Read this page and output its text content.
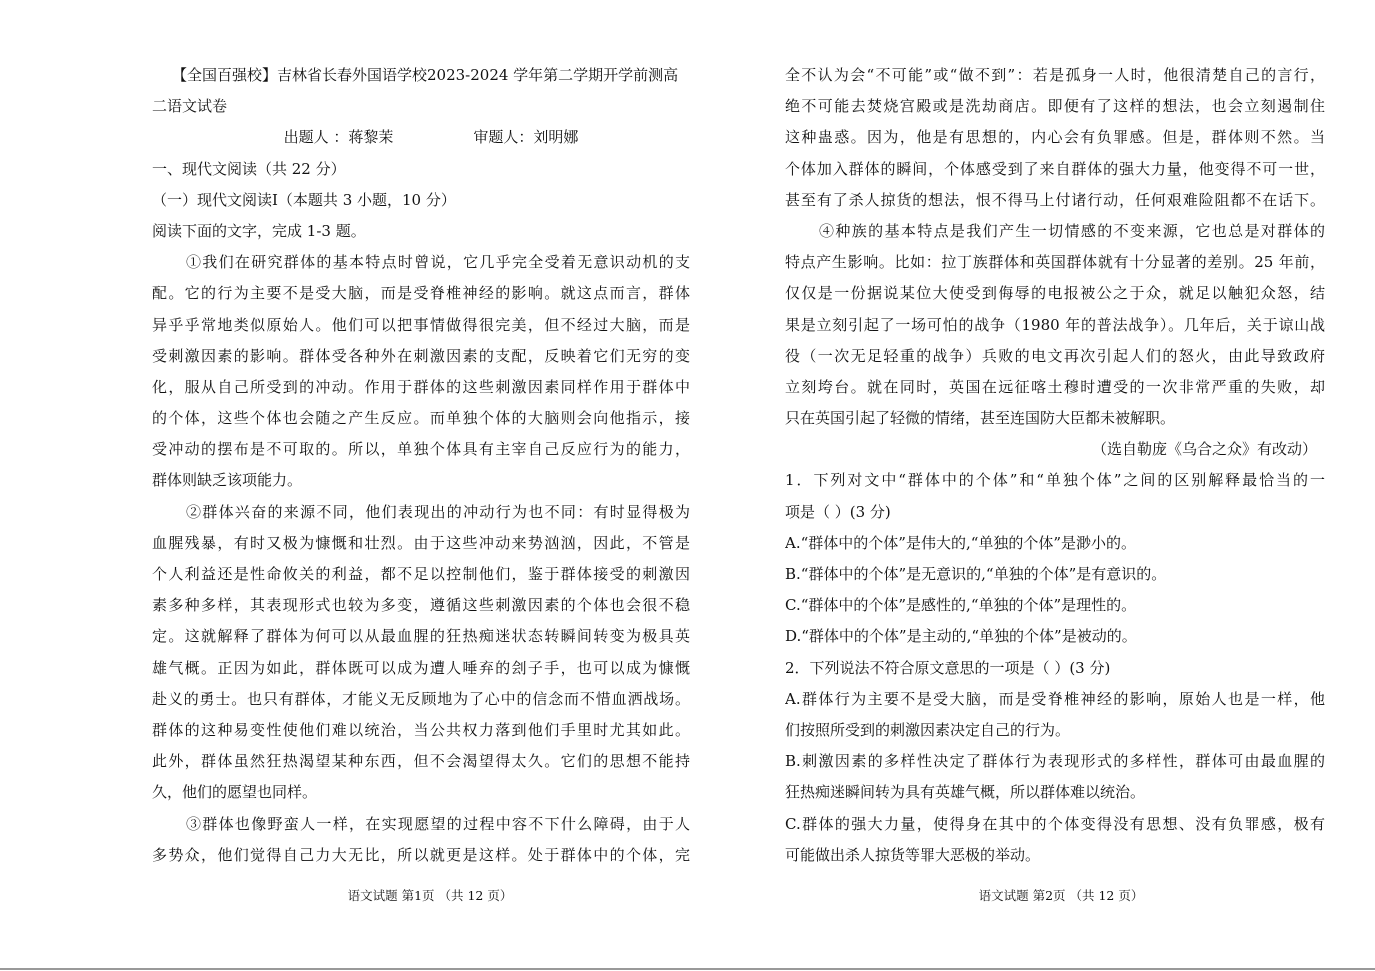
【全国百强校】吉林省长春外国语学校2023-2024 学年第二学期开学前测高
二语文试卷
出题人 ：蒋黎茉	审题人：刘明娜
一、现代文阅读（共 22 分）
（一）现代文阅读Ⅰ（本题共 3 小题，10 分）
阅读下面的文字，完成 1-3 题。
①我们在研究群体的基本特点时曾说，它几乎完全受着无意识动机的支
配。它的行为主要不是受大脑，而是受脊椎神经的影响。就这点而言，群体
异乎乎常地类似原始人。他们可以把事情做得很完美，但不经过大脑，而是
受刺激因素的影响。群体受各种外在刺激因素的支配，反映着它们无穷的变
化，服从自己所受到的冲动。作用于群体的这些刺激因素同样作用于群体中
的个体，这些个体也会随之产生反应。而单独个体的大脑则会向他指示，接
受冲动的摆布是不可取的。所以，单独个体具有主宰自己反应行为的能力，
群体则缺乏该项能力。
②群体兴奋的来源不同，他们表现出的冲动行为也不同：有时显得极为
血腥残暴，有时又极为慷慨和壮烈。由于这些冲动来势汹汹，因此，不管是
个人利益还是性命攸关的利益，都不足以控制他们，鉴于群体接受的刺激因
素多种多样，其表现形式也较为多变，遵循这些刺激因素的个体也会很不稳
定。这就解释了群体为何可以从最血腥的狂热痴迷状态转瞬间转变为极具英
雄气概。正因为如此，群体既可以成为遭人唾弃的刽子手，也可以成为慷慨
赴义的勇士。也只有群体，才能义无反顾地为了心中的信念而不惜血洒战场。
群体的这种易变性使他们难以统治，当公共权力落到他们手里时尤其如此。
此外，群体虽然狂热渴望某种东西，但不会渴望得太久。它们的思想不能持
久，他们的愿望也同样。
③群体也像野蛮人一样，在实现愿望的过程中容不下什么障碍，由于人
多势众，他们觉得自己力大无比，所以就更是这样。处于群体中的个体，完
全不认为会“不可能”或“做不到”：若是孤身一人时，他很清楚自己的言行，
绝不可能去焚烧宫殿或是洗劫商店。即便有了这样的想法，也会立刻遏制住
这种蛊惑。因为，他是有思想的，内心会有负罪感。但是，群体则不然。当
个体加入群体的瞬间，个体感受到了来自群体的强大力量，他变得不可一世，
甚至有了杀人掠货的想法，恨不得马上付诸行动，任何艰难险阻都不在话下。
④种族的基本特点是我们产生一切情感的不变来源，它也总是对群体的
特点产生影响。比如：拉丁族群体和英国群体就有十分显著的差别。25 年前，
仅仅是一份据说某位大使受到侮辱的电报被公之于众，就足以触犯众怒，结
果是立刻引起了一场可怕的战争（1980 年的普法战争）。几年后，关于谅山战
役（一次无足轻重的战争）兵败的电文再次引起人们的怒火，由此导致政府
立刻垮台。就在同时，英国在远征喀土穆时遭受的一次非常严重的失败，却
只在英国引起了轻微的情绪，甚至连国防大臣都未被解职。
（选自勒庞《乌合之众》有改动）
1．下列对文中“群体中的个体”和“单独个体”之间的区别解释最恰当的一
项是（ ）(3 分)
A.“群体中的个体”是伟大的,“单独的个体”是渺小的。
B.“群体中的个体”是无意识的,“单独的个体”是有意识的。
C.“群体中的个体”是感性的,“单独的个体”是理性的。
D.“群体中的个体”是主动的,“单独的个体”是被动的。
2．下列说法不符合原文意思的一项是（ ）(3 分)
A.群体行为主要不是受大脑，而是受脊椎神经的影响，原始人也是一样，他
们按照所受到的刺激因素决定自己的行为。
B.刺激因素的多样性决定了群体行为表现形式的多样性，群体可由最血腥的
狂热痴迷瞬间转为具有英雄气概，所以群体难以统治。
C.群体的强大力量，使得身在其中的个体变得没有思想、没有负罪感，极有
可能做出杀人掠货等罪大恶极的举动。
语文试题 第1页 （共 12 页）	语文试题 第2页 （共 12 页）
